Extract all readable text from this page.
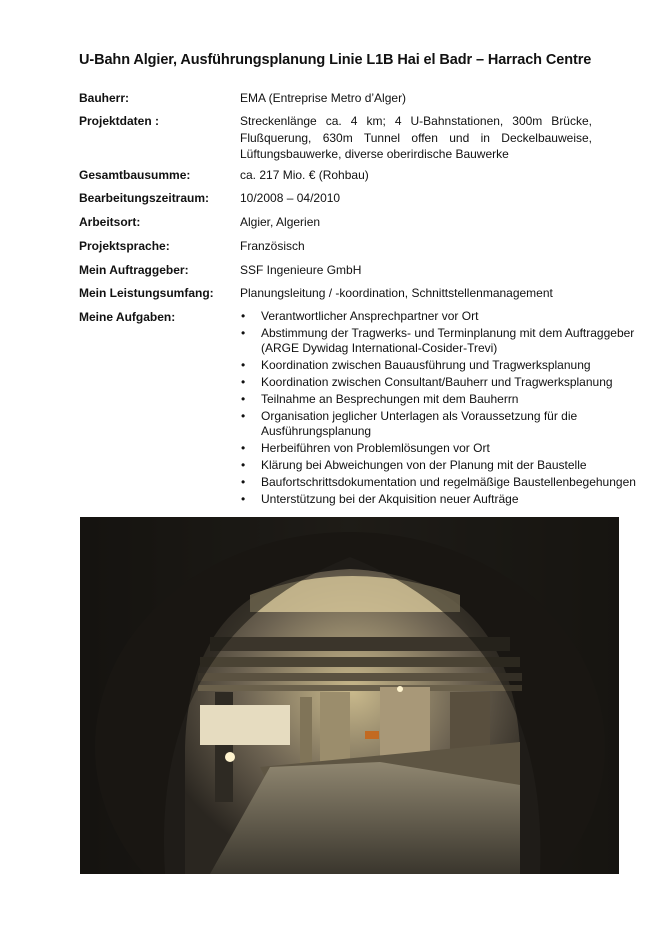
U-Bahn Algier, Ausführungsplanung Linie L1B Hai el Badr – Harrach Centre
Bauherr:	EMA (Entreprise Metro d’Alger)
Projektdaten :	Streckenlänge ca. 4 km; 4 U-Bahnstationen, 300m Brücke, Flußquerung, 630m Tunnel offen und in Deckelbauweise, Lüftungsbauwerke, diverse oberirdische Bauwerke
Gesamtbausumme:	ca. 217 Mio. € (Rohbau)
Bearbeitungszeitraum:	10/2008 – 04/2010
Arbeitsort:	Algier, Algerien
Projektsprache:	Französisch
Mein Auftraggeber:	SSF Ingenieure GmbH
Mein Leistungsumfang: Planungsleitung / -koordination, Schnittstellenmanagement
Meine Aufgaben:	• Verantwortlicher Ansprechpartner vor Ort
• Abstimmung der Tragwerks- und Terminplanung mit dem Auftraggeber (ARGE Dywidag International-Cosider-Trevi)
• Koordination zwischen Bauausführung und Tragwerksplanung
• Koordination zwischen Consultant/Bauherr und Tragwerksplanung
• Teilnahme an Besprechungen mit dem Bauherrn
• Organisation jeglicher Unterlagen als Voraussetzung für die Ausführungsplanung
• Herbeiführen von Problemlösungen vor Ort
• Klärung bei Abweichungen von der Planung mit der Baustelle
• Baufortschrittsdokumentation und regelmäßige Baustellenbegehungen
• Unterstützung bei der Akquisition neuer Aufträge
